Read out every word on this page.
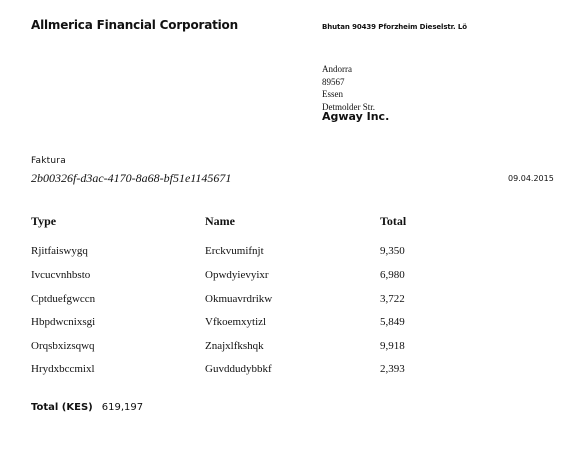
Allmerica Financial Corporation	Bhutan 90439 Pforzheim Dieselstr. Lö
Andorra
89567
Essen
Detmolder Str.
Agway Inc.
Faktura
2b00326f-d3ac-4170-8a68-bf51e1145671	09.04.2015
Type	Name	Total
Rjitfaiswygq	Erckvumifnjt	9,350
Ivcucvnhbsto	Opwdyievyixr	6,980
Cptduefgwccn	Okmuavrdrikw	3,722
Hbpdwcnixsgi	Vfkoemxytizl	5,849
Orqsbxizsqwq	Znajxlfkshqk	9,918
Hrydxbccmixl	Guvddudybbkf	2,393
Total (KES) 619,197
